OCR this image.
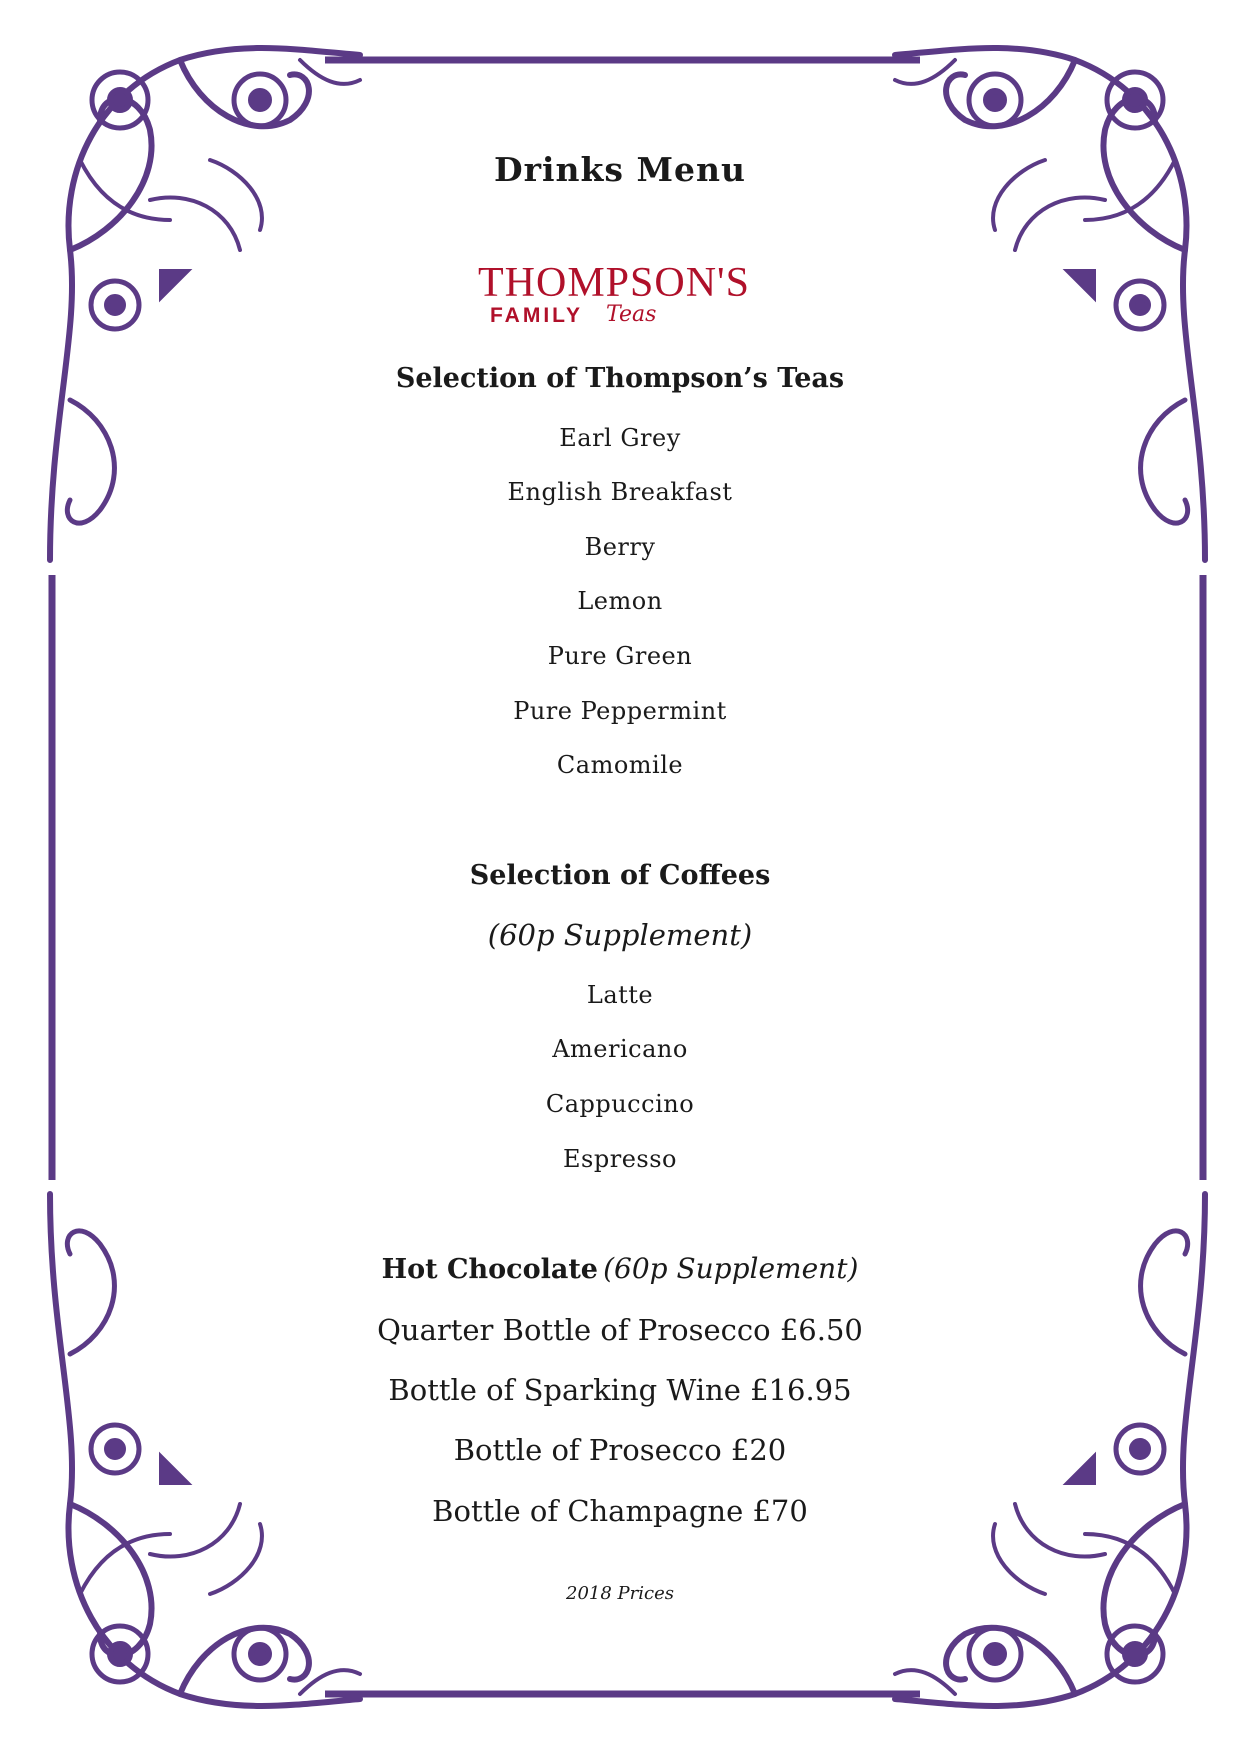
Drinks Menu
THOMPSON'S
FAMILY Teas
Selection of Thompson’s Teas
Earl Grey
English Breakfast
Berry
Lemon
Pure Green
Pure Peppermint
Camomile
Selection of Coffees
(60p Supplement)
Latte
Americano
Cappuccino
Espresso
Hot Chocolate (60p Supplement)
Quarter Bottle of Prosecco £6.50
Bottle of Sparking Wine £16.95
Bottle of Prosecco £20
Bottle of Champagne £70
2018 Prices
